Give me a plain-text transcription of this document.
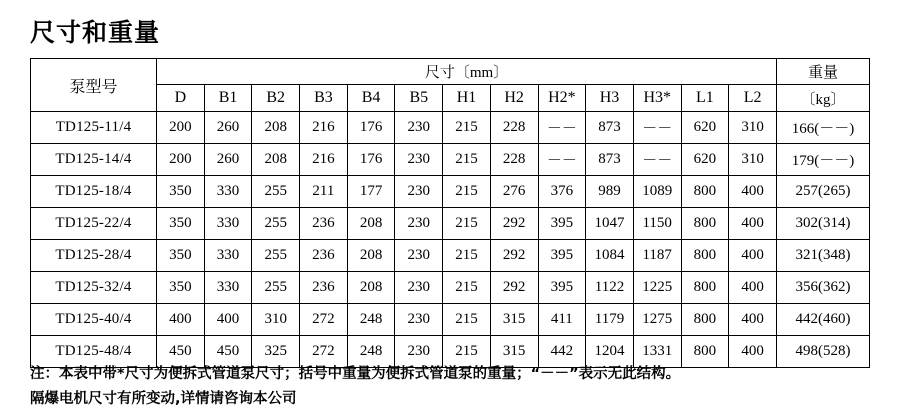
尺寸和重量
泵型号	尺寸〔mm〕													重量
	D	B1	B2	B3	B4	B5	H1	H2	H2*	H3	H3*	L1	L2	〔kg〕
TD125-11/4	200	260	208	216	176	230	215	228	－－	873	－－	620	310	166(－－)
TD125-14/4	200	260	208	216	176	230	215	228	－－	873	－－	620	310	179(－－)
TD125-18/4	350	330	255	211	177	230	215	276	376	989	1089	800	400	257(265)
TD125-22/4	350	330	255	236	208	230	215	292	395	1047	1150	800	400	302(314)
TD125-28/4	350	330	255	236	208	230	215	292	395	1084	1187	800	400	321(348)
TD125-32/4	350	330	255	236	208	230	215	292	395	1122	1225	800	400	356(362)
TD125-40/4	400	400	310	272	248	230	215	315	411	1179	1275	800	400	442(460)
TD125-48/4	450	450	325	272	248	230	215	315	442	1204	1331	800	400	498(528)
注：本表中带*尺寸为便拆式管道泵尺寸；括号中重量为便拆式管道泵的重量；“－－”表示无此结构。
隔爆电机尺寸有所变动,详情请咨询本公司
